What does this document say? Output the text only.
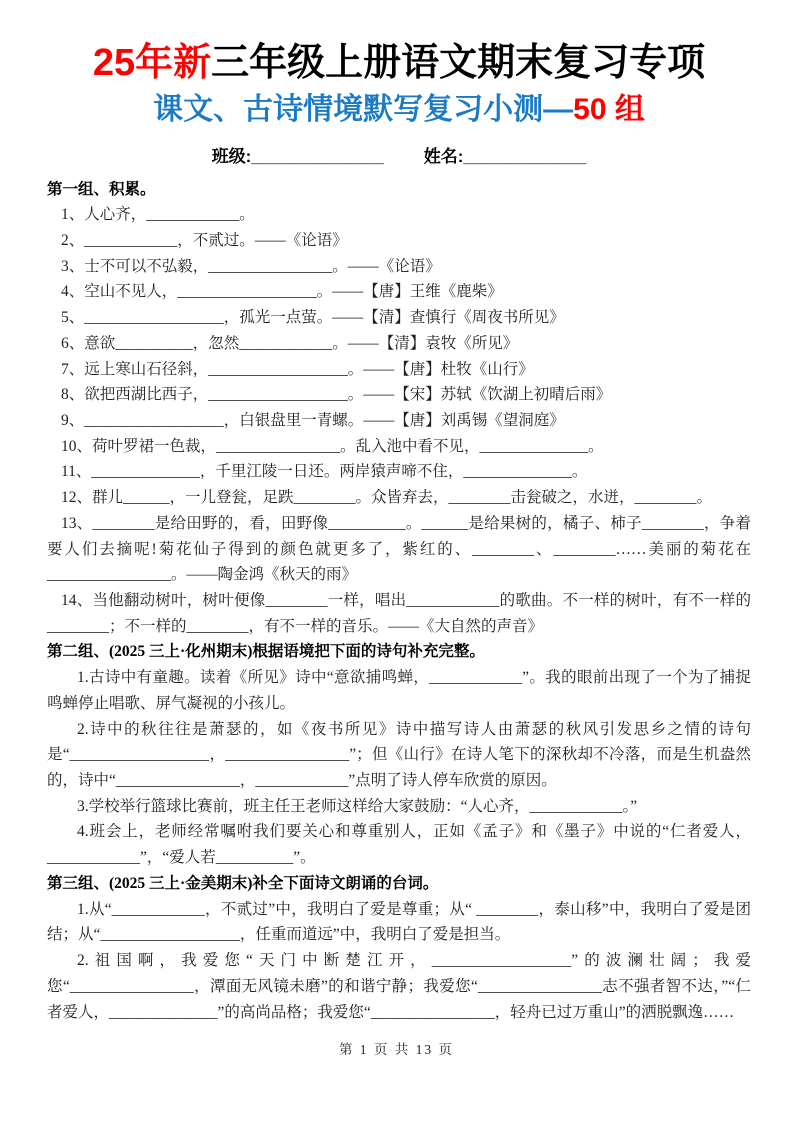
25年新三年级上册语文期末复习专项
课文、古诗情境默写复习小测—50 组
班级:______________ 姓名:_____________
第一组、积累。

1、人心齐，____________。

2、____________，不贰过。——《论语》

3、士不可以不弘毅，________________。——《论语》

4、空山不见人，__________________。——【唐】王维《鹿柴》

5、__________________，孤光一点萤。——【清】查慎行《周夜书所见》

6、意欲__________，忽然____________。——【清】袁牧《所见》

7、远上寒山石径斜，__________________。——【唐】杜牧《山行》

8、欲把西湖比西子，__________________。——【宋】苏轼《饮湖上初晴后雨》

9、__________________，白银盘里一青螺。——【唐】刘禹锡《望洞庭》

10、荷叶罗裙一色裁，________________。乱入池中看不见，______________。

11、______________，千里江陵一日还。两岸猿声啼不住，______________。

12、群儿______，一儿登瓮，足跌________。众皆弃去，________击瓮破之，水迸，________。

13、________是给田野的，看，田野像__________。______是给果树的，橘子、柿子________，争着要人们去摘呢!菊花仙子得到的颜色就更多了，紫红的、________、________……美丽的菊花在________________。——陶金鸿《秋天的雨》

14、当他翻动树叶，树叶便像________一样，唱出____________的歌曲。不一样的树叶，有不一样的________；不一样的________，有不一样的音乐。——《大自然的声音》

第二组、(2025 三上·化州期末)根据语境把下面的诗句补充完整。

1.古诗中有童趣。读着《所见》诗中“意欲捕鸣蝉，____________”。我的眼前出现了一个为了捕捉鸣蝉停止唱歌、屏气凝视的小孩儿。

2.诗中的秋往往是萧瑟的，如《夜书所见》诗中描写诗人由萧瑟的秋风引发思乡之情的诗句是“__________________，________________”；但《山行》在诗人笔下的深秋却不冷落，而是生机盎然的，诗中“________________，____________”点明了诗人停车欣赏的原因。

3.学校举行篮球比赛前，班主任王老师这样给大家鼓励：“人心齐，____________。”

4.班会上，老师经常嘱咐我们要关心和尊重别人，正如《孟子》和《墨子》中说的“仁者爱人，____________”，“爱人若__________”。

第三组、(2025 三上·金美期末)补全下面诗文朗诵的台词。

1.从“____________，不贰过”中，我明白了爱是尊重；从“ ________，泰山移”中，我明白了爱是团结；从“__________________，任重而道远”中，我明白了爱是担当。

2.祖国啊，我爱您“天门中断楚江开，__________________”的波澜壮阔；我爱您“________________，潭面无风镜未磨”的和谐宁静；我爱您“________________志不强者智不达，”“仁者爱人，______________”的高尚品格；我爱您“________________，轻舟已过万重山”的洒脱飘逸……

第 1 页 共 13 页
